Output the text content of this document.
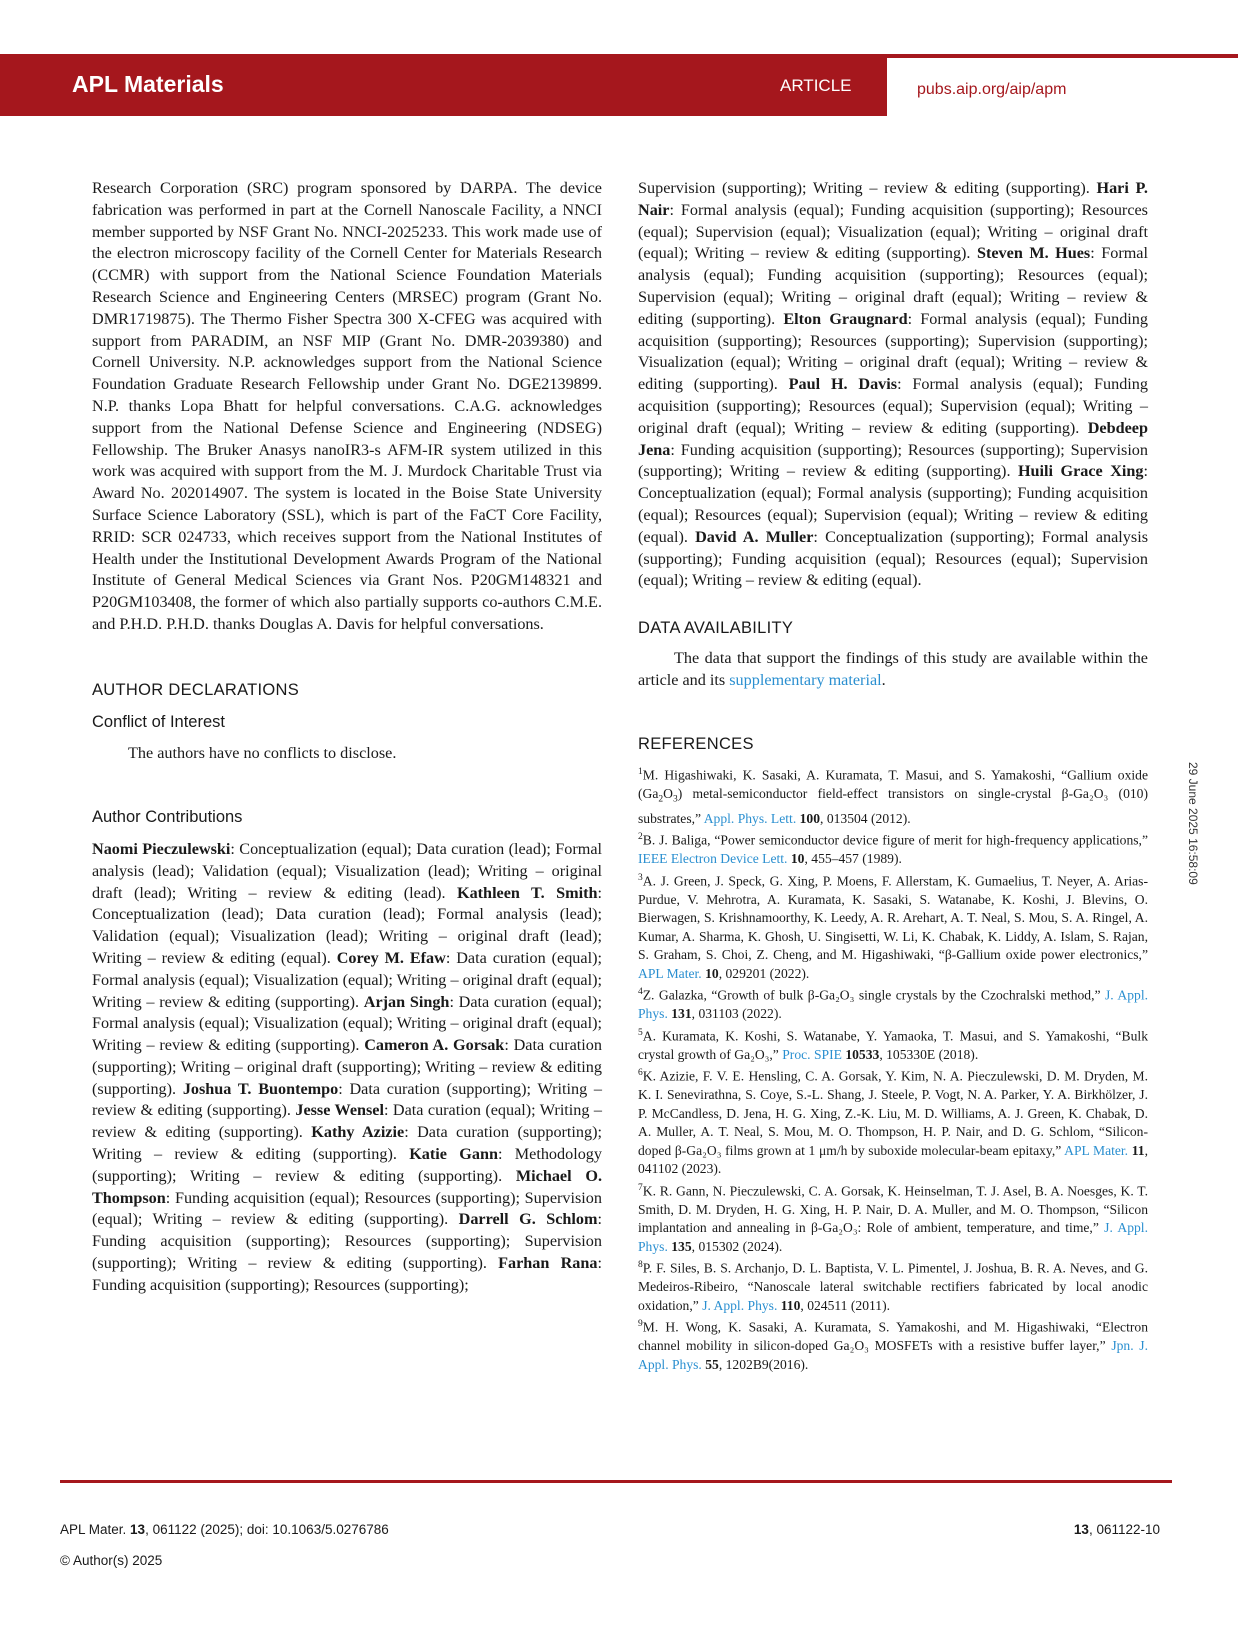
APL Materials	ARTICLE	pubs.aip.org/aip/apm

Research Corporation (SRC) program sponsored by DARPA. The device fabrication was performed in part at the Cornell Nanoscale Facility, a NNCI member supported by NSF Grant No. NNCI-2025233. This work made use of the electron microscopy facility of the Cornell Center for Materials Research (CCMR) with support from the National Science Foundation Materials Research Science and Engineering Centers (MRSEC) program (Grant No. DMR1719875). The Thermo Fisher Spectra 300 X-CFEG was acquired with support from PARADIM, an NSF MIP (Grant No. DMR-2039380) and Cornell University. N.P. acknowledges support from the National Science Foundation Graduate Research Fellowship under Grant No. DGE2139899. N.P. thanks Lopa Bhatt for helpful conversations. C.A.G. acknowledges support from the National Defense Science and Engineering (NDSEG) Fellowship. The Bruker Anasys nanoIR3-s AFM-IR system utilized in this work was acquired with support from the M. J. Murdock Charitable Trust via Award No. 202014907. The system is located in the Boise State University Surface Science Laboratory (SSL), which is part of the FaCT Core Facility, RRID: SCR 024733, which receives support from the National Institutes of Health under the Institutional Development Awards Program of the National Institute of General Medical Sciences via Grant Nos. P20GM148321 and P20GM103408, the former of which also partially supports co-authors C.M.E. and P.H.D. P.H.D. thanks Douglas A. Davis for helpful conversations.

AUTHOR DECLARATIONS

Conflict of Interest

The authors have no conflicts to disclose.

Author Contributions

Naomi Pieczulewski: Conceptualization (equal); Data curation (lead); Formal analysis (lead); Validation (equal); Visualization (lead); Writing – original draft (lead); Writing – review & editing (lead). Kathleen T. Smith: Conceptualization (lead); Data curation (lead); Formal analysis (lead); Validation (equal); Visualization (lead); Writing – original draft (lead); Writing – review & editing (equal). Corey M. Efaw: Data curation (equal); Formal analysis (equal); Visualization (equal); Writing – original draft (equal); Writing – review & editing (supporting). Arjan Singh: Data curation (equal); Formal analysis (equal); Visualization (equal); Writing – original draft (equal); Writing – review & editing (supporting). Cameron A. Gorsak: Data curation (supporting); Writing – original draft (supporting); Writing – review & editing (supporting). Joshua T. Buontempo: Data curation (supporting); Writing – review & editing (supporting). Jesse Wensel: Data curation (equal); Writing – review & editing (supporting). Kathy Azizie: Data curation (supporting); Writing – review & editing (supporting). Katie Gann: Methodology (supporting); Writing – review & editing (supporting). Michael O. Thompson: Funding acquisition (equal); Resources (supporting); Supervision (equal); Writing – review & editing (supporting). Darrell G. Schlom: Funding acquisition (supporting); Resources (supporting); Supervision (supporting); Writing – review & editing (supporting). Farhan Rana: Funding acquisition (supporting); Resources (supporting);

Supervision (supporting); Writing – review & editing (supporting). Hari P. Nair: Formal analysis (equal); Funding acquisition (supporting); Resources (equal); Supervision (equal); Visualization (equal); Writing – original draft (equal); Writing – review & editing (supporting). Steven M. Hues: Formal analysis (equal); Funding acquisition (supporting); Resources (equal); Supervision (equal); Writing – original draft (equal); Writing – review & editing (supporting). Elton Graugnard: Formal analysis (equal); Funding acquisition (supporting); Resources (supporting); Supervision (supporting); Visualization (equal); Writing – original draft (equal); Writing – review & editing (supporting). Paul H. Davis: Formal analysis (equal); Funding acquisition (supporting); Resources (equal); Supervision (equal); Writing – original draft (equal); Writing – review & editing (supporting). Debdeep Jena: Funding acquisition (supporting); Resources (supporting); Supervision (supporting); Writing – review & editing (supporting). Huili Grace Xing: Conceptualization (equal); Formal analysis (supporting); Funding acquisition (equal); Resources (equal); Supervision (equal); Writing – review & editing (equal). David A. Muller: Conceptualization (supporting); Formal analysis (supporting); Funding acquisition (equal); Resources (equal); Supervision (equal); Writing – review & editing (equal).

DATA AVAILABILITY

The data that support the findings of this study are available within the article and its supplementary material.

REFERENCES

$^1$M. Higashiwaki, K. Sasaki, A. Kuramata, T. Masui, and S. Yamakoshi, “Gallium oxide $(Ga_2O_3)$ metal-semiconductor field-effect transistors on single-crystal β-Ga₂O₃ (010) substrates,” Appl. Phys. Lett. 100, 013504 (2012).

$^2$B. J. Baliga, “Power semiconductor device figure of merit for high-frequency applications,” IEEE Electron Device Lett. 10, 455–457 (1989).

$^3$A. J. Green, J. Speck, G. Xing, P. Moens, F. Allerstam, K. Gumaelius, T. Neyer, A. Arias-Purdue, V. Mehrotra, A. Kuramata, K. Sasaki, S. Watanabe, K. Koshi, J. Blevins, O. Bierwagen, S. Krishnamoorthy, K. Leedy, A. R. Arehart, A. T. Neal, S. Mou, S. A. Ringel, A. Kumar, A. Sharma, K. Ghosh, U. Singisetti, W. Li, K. Chabak, K. Liddy, A. Islam, S. Rajan, S. Graham, S. Choi, Z. Cheng, and M. Higashiwaki, “β-Gallium oxide power electronics,” APL Mater. 10, 029201 (2022).

$^4$Z. Galazka, “Growth of bulk β-Ga₂O₃ single crystals by the Czochralski method,” J. Appl. Phys. 131, 031103 (2022).

$^5$A. Kuramata, K. Koshi, S. Watanabe, Y. Yamaoka, T. Masui, and S. Yamakoshi, “Bulk crystal growth of Ga₂O₃,” Proc. SPIE 10533, 105330E (2018).

$^6$K. Azizie, F. V. E. Hensling, C. A. Gorsak, Y. Kim, N. A. Pieczulewski, D. M. Dryden, M. K. I. Senevirathna, S. Coye, S.-L. Shang, J. Steele, P. Vogt, N. A. Parker, Y. A. Birkhölzer, J. P. McCandless, D. Jena, H. G. Xing, Z.-K. Liu, M. D. Williams, A. J. Green, K. Chabak, D. A. Muller, A. T. Neal, S. Mou, M. O. Thompson, H. P. Nair, and D. G. Schlom, “Silicon-doped β-Ga₂O₃ films grown at 1 μm/h by suboxide molecular-beam epitaxy,” APL Mater. 11, 041102 (2023).

$^7$K. R. Gann, N. Pieczulewski, C. A. Gorsak, K. Heinselman, T. J. Asel, B. A. Noesges, K. T. Smith, D. M. Dryden, H. G. Xing, H. P. Nair, D. A. Muller, and M. O. Thompson, “Silicon implantation and annealing in β-Ga₂O₃: Role of ambient, temperature, and time,” J. Appl. Phys. 135, 015302 (2024).

$^8$P. F. Siles, B. S. Archanjo, D. L. Baptista, V. L. Pimentel, J. Joshua, B. R. A. Neves, and G. Medeiros-Ribeiro, “Nanoscale lateral switchable rectifiers fabricated by local anodic oxidation,” J. Appl. Phys. 110, 024511 (2011).

$^9$M. H. Wong, K. Sasaki, A. Kuramata, S. Yamakoshi, and M. Higashiwaki, “Electron channel mobility in silicon-doped Ga₂O₃ MOSFETs with a resistive buffer layer,” Jpn. J. Appl. Phys. 55, 1202B9(2016).

29 June 2025 16:58:09
APL Mater. 13, 061122 (2025); doi: 10.1063/5.0276786
© Author(s) 2025
13, 061122-10
